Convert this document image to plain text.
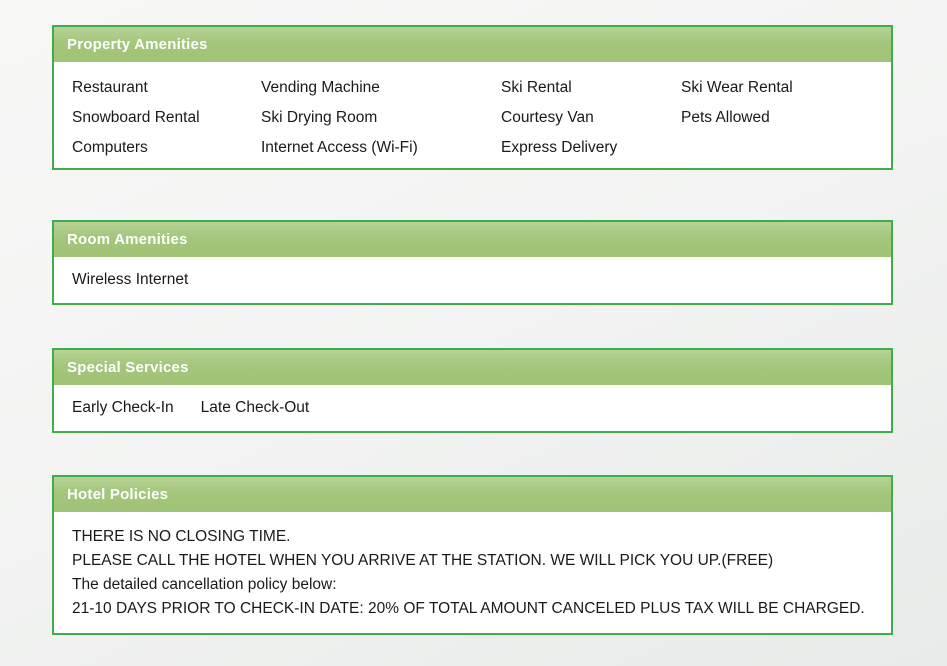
Property Amenities
Restaurant	Vending Machine	Ski Rental	Ski Wear Rental
Snowboard Rental	Ski Drying Room	Courtesy Van	Pets Allowed
Computers	Internet Access (Wi-Fi)	Express Delivery
Room Amenities
Wireless Internet
Special Services
Early Check-In Late Check-Out
Hotel Policies
THERE IS NO CLOSING TIME.
PLEASE CALL THE HOTEL WHEN YOU ARRIVE AT THE STATION. WE WILL PICK YOU UP.(FREE)
The detailed cancellation policy below:
21-10 DAYS PRIOR TO CHECK-IN DATE: 20% OF TOTAL AMOUNT CANCELED PLUS TAX WILL BE CHARGED.
